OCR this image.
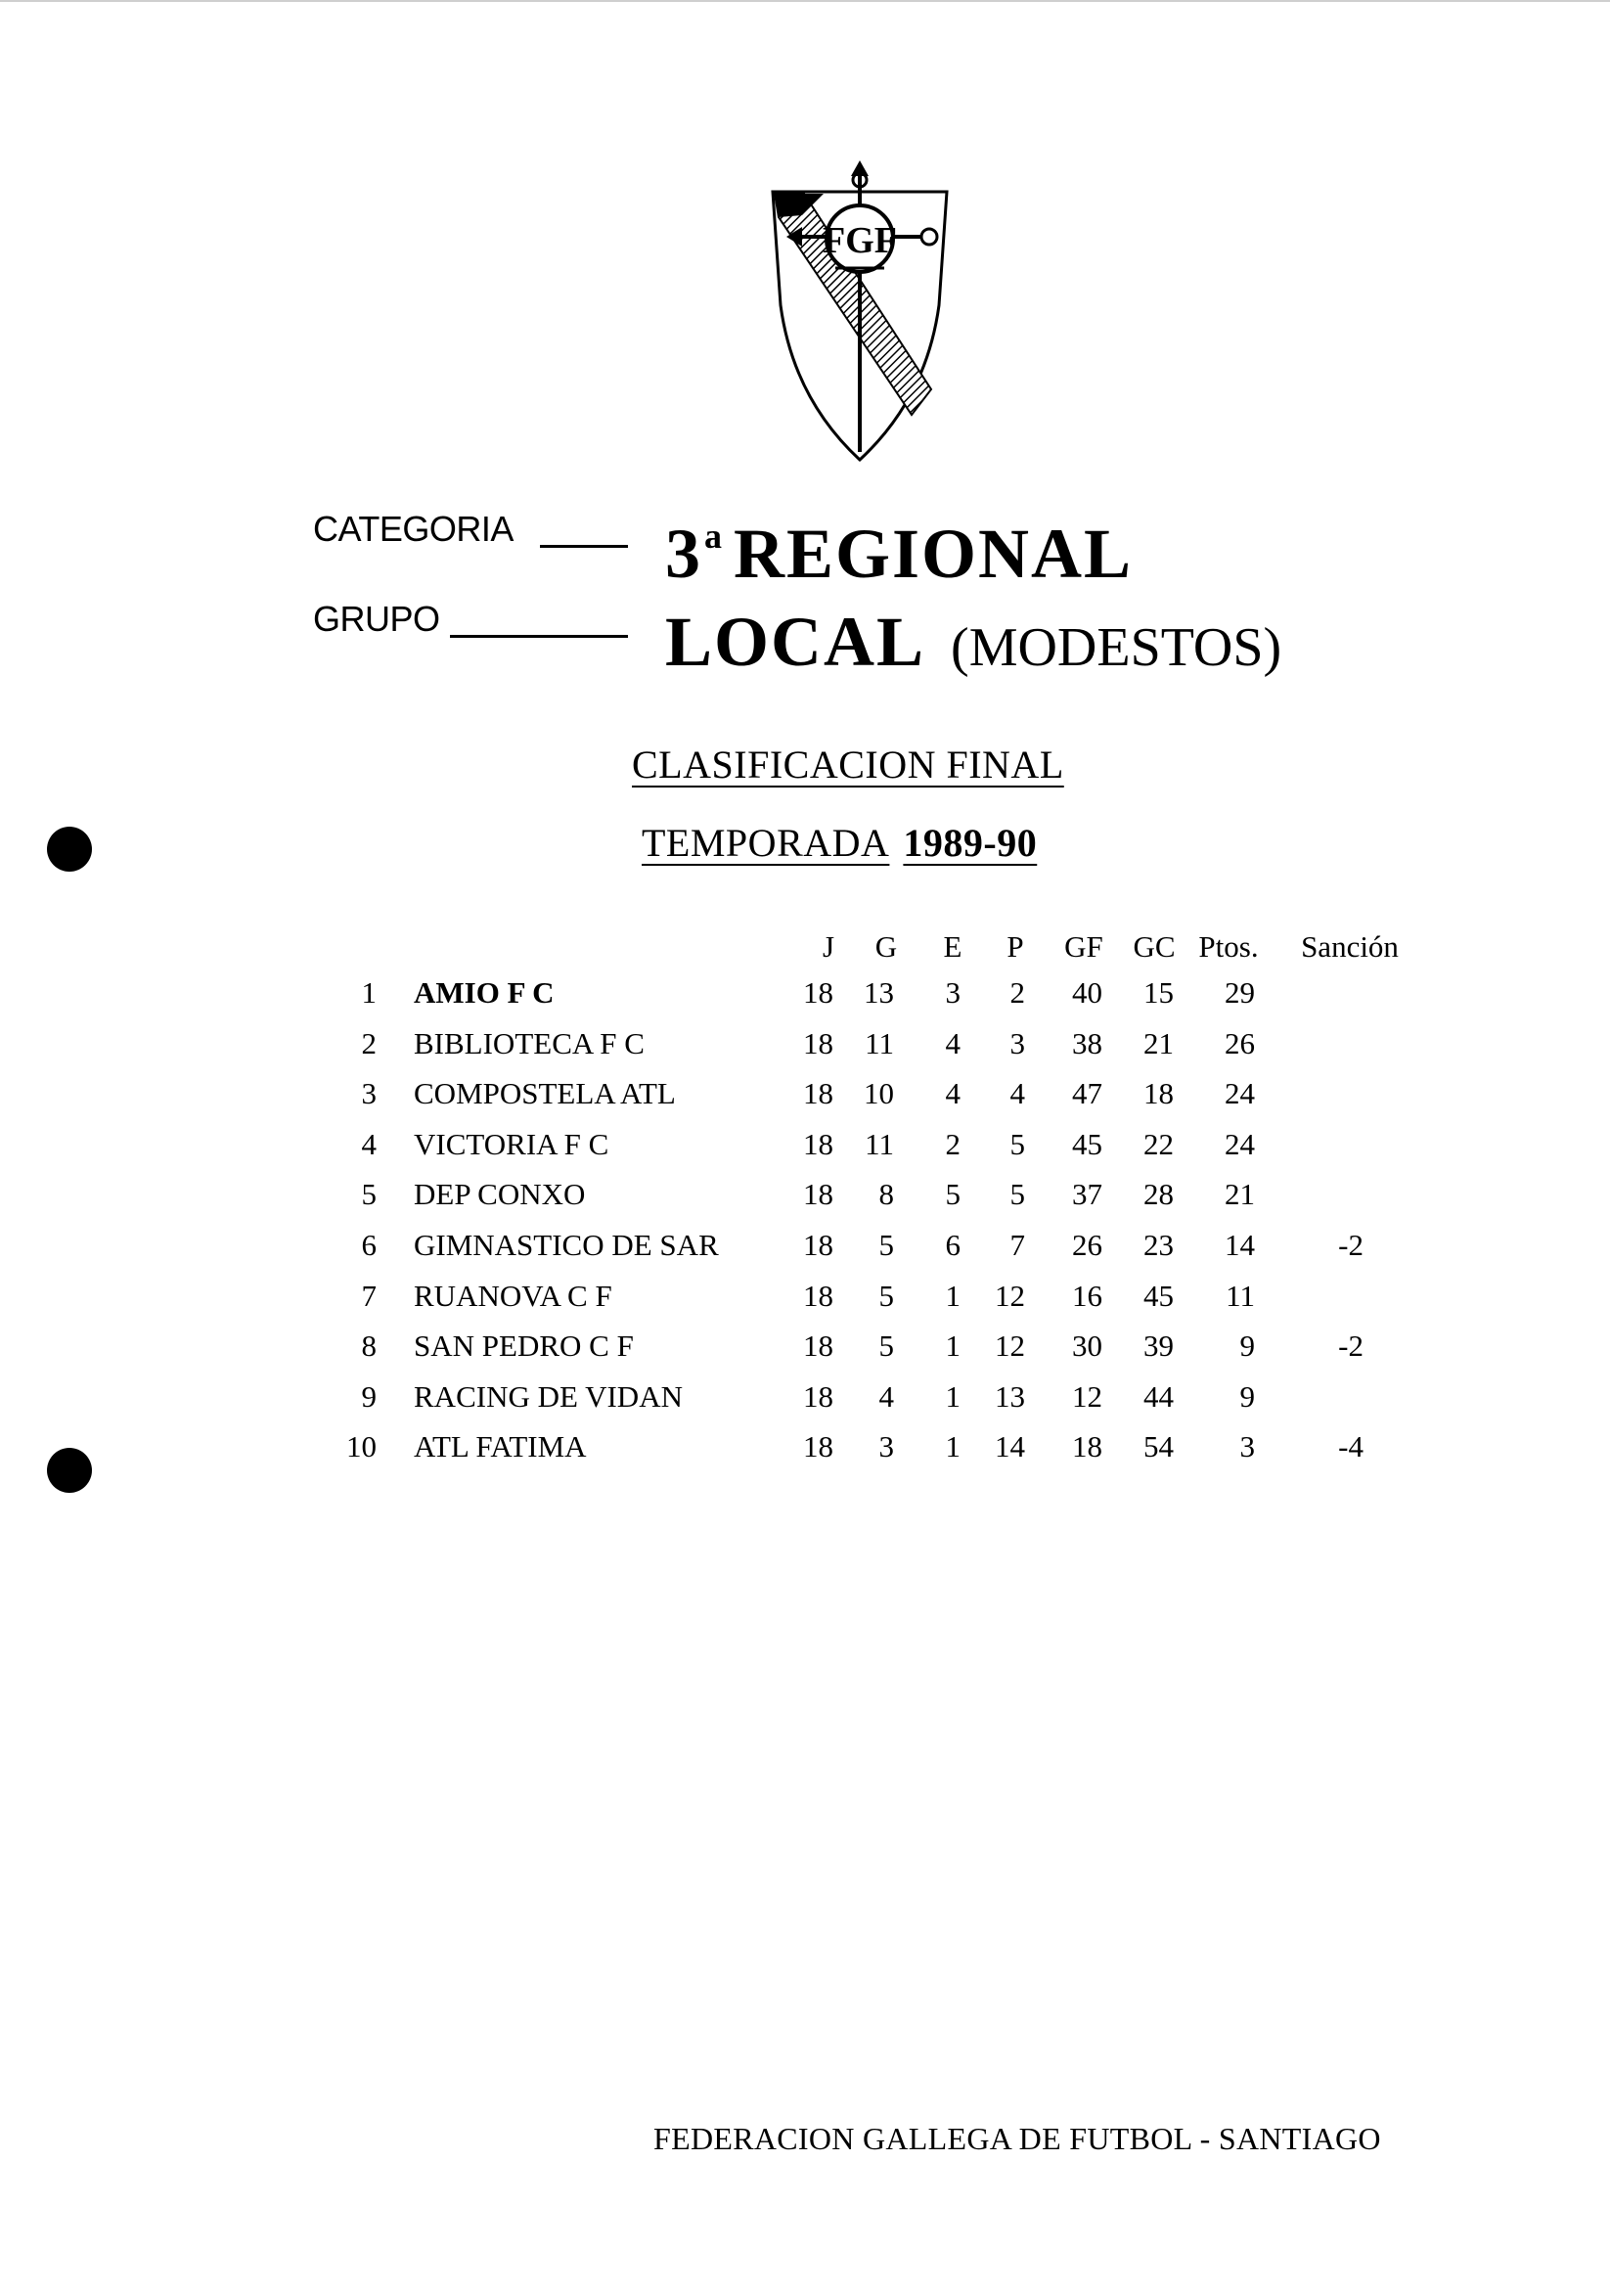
FGF
CATEGORIA 3$^a$ REGIONAL
GRUPO	LOCAL (MODESTOS)
CLASIFICACION FINAL
TEMPORADA 1989-90
J	G	E	P	GF GC Ptos.	Sanción
1 AMIO F C	18	13	3	2	40	15	29
2 BIBLIOTECA F C	18	11	4	3	38	21	26
3 COMPOSTELA ATL	18	10	4	4	47	18	24
4 VICTORIA F C	18	11	2	5	45	22	24
5 DEP CONXO	18	8	5	5	37	28	21
6 GIMNASTICO DE SAR	18	5	6	7	26	23	14	-2
7 RUANOVA C F	18	5	1	12	16	45	11
8 SAN PEDRO C F	18	5	1	12	30	39	9	-2
9 RACING DE VIDAN	18	4	1	13	12	44	9
10 ATL FATIMA	18	3	1	14	18	54	3	-4
FEDERACION GALLEGA DE FUTBOL - SANTIAGO
